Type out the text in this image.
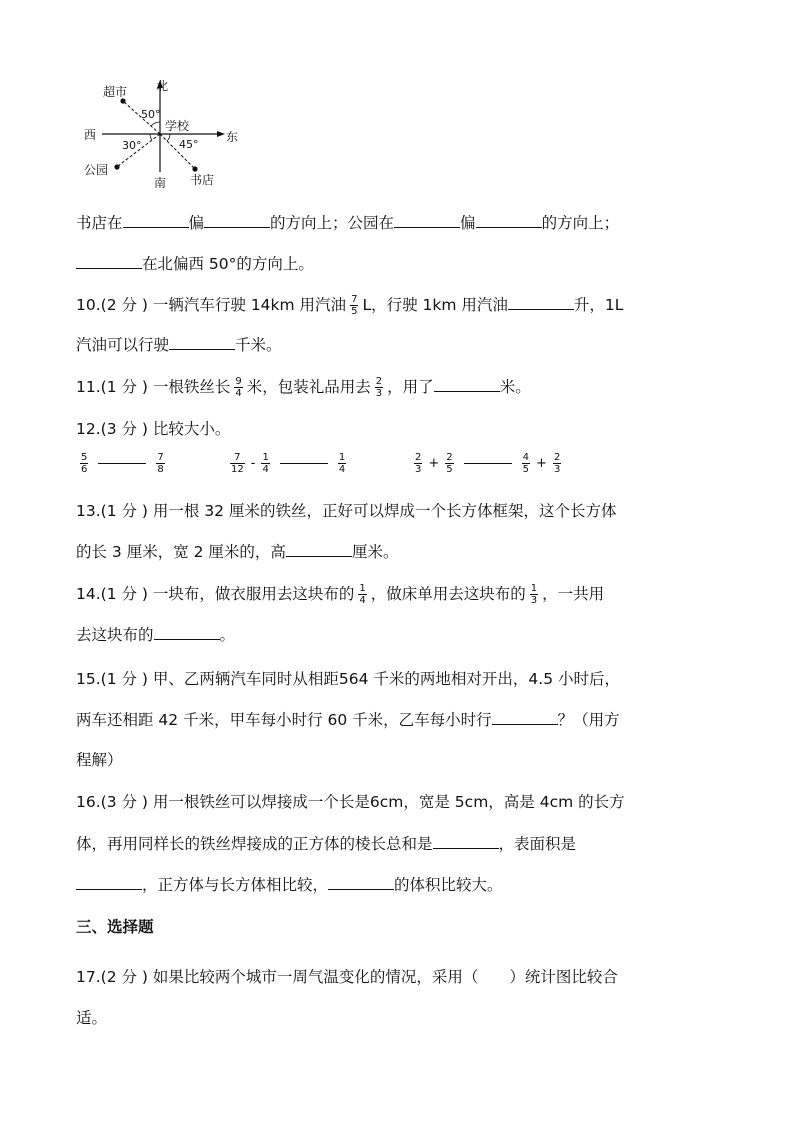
北
南
西	东
学校
超市
公园
书店
50°
30°	45°
书店在	偏	的方向上；公园在	偏	的方向上；
在北偏西 50°的方向上。
10.(2 分 ) 一辆汽车行驶 14km 用汽油 $\frac{7}{5}$ L，行驶 1km 用汽油	升，1L
汽油可以行驶	千米。
11.(1 分 ) 一根铁丝长 $\frac{9}{4}$ 米，包装礼品用去 $\frac{2}{3}$ ，用了	米。
12.(3 分 ) 比较大小。
$\frac{5}{6}$	$\frac{7}{8}$	$\frac{7}{12} - \frac{1}{4}$	$\frac{1}{4}$	$\frac{2}{3} + \frac{2}{5}$	$\frac{4}{5} + \frac{2}{3}$
13.(1 分 ) 用一根 32 厘米的铁丝，正好可以焊成一个长方体框架，这个长方体
的长 3 厘米，宽 2 厘米的，高	厘米。
14.(1 分 ) 一块布，做衣服用去这块布的 $\frac{1}{4}$ ，做床单用去这块布的 $\frac{1}{3}$ ，一共用
去这块布的	。
15.(1 分 ) 甲、乙两辆汽车同时从相距564 千米的两地相对开出，4.5 小时后，
两车还相距 42 千米，甲车每小时行 60 千米，乙车每小时行	？（用方
程解）
16.(3 分 ) 用一根铁丝可以焊接成一个长是6cm，宽是 5cm，高是 4cm 的长方
体，再用同样长的铁丝焊接成的正方体的棱长总和是	，表面积是
，正方体与长方体相比较，	的体积比较大。
三、选择题
17.(2 分 ) 如果比较两个城市一周气温变化的情况，采用（　　）统计图比较合
适。
